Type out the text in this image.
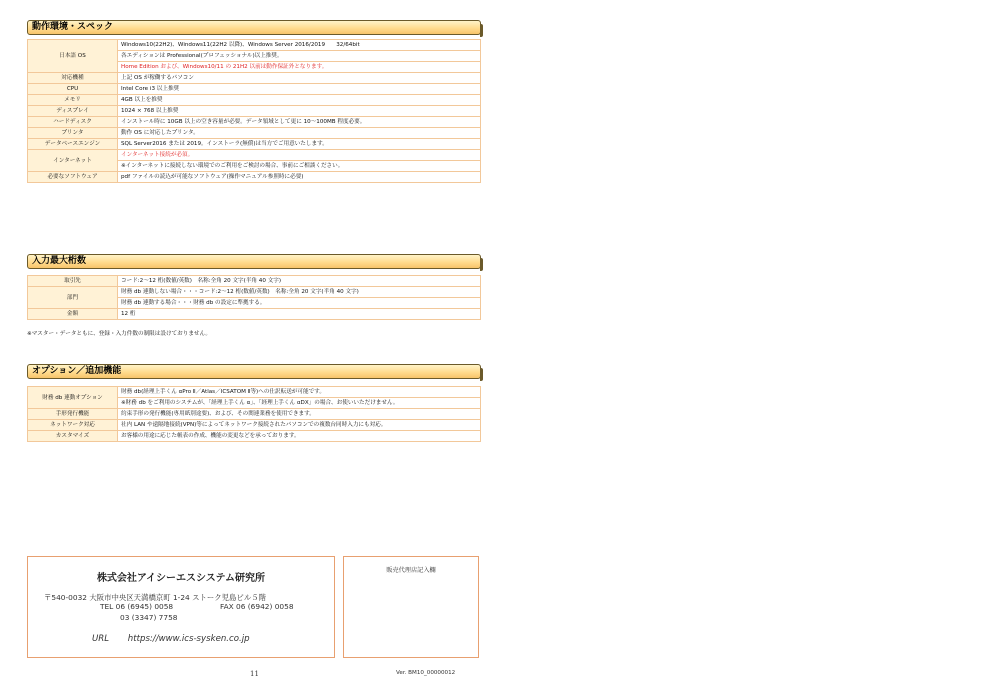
動作環境・スペック
日本語 OS	Windows10(22H2)、Windows11(22H2 以降)、Windows Server 2016/2019　　32/64bit
	各エディションは Professional(プロフェッショナル)以上推奨。
	Home Edition および、Windows10/11 の 21H2 以前は動作保証外となります。
対応機種	上記 OS が稼働するパソコン
CPU	Intel Core i3 以上推奨
メモリ	4GB 以上を推奨
ディスプレイ	1024 × 768 以上推奨
ハードディスク	インストール時に 10GB 以上の空き容量が必要。データ領域として更に 10～100MB 程度必要。
プリンタ	動作 OS に対応したプリンタ。
データベースエンジン	SQL Server2016 または 2019。インストーラ(無償)は当方でご用意いたします。
インターネット	インターネット接続が必須。
	※インターネットに接続しない環境でのご利用をご検討の場合、事前にご相談ください。
必要なソフトウェア	pdf ファイルの読込が可能なソフトウェア(操作マニュアル参照時に必要)
入力最大桁数
取引先	コード:2～12 桁(数値/英数)　名称:全角 20 文字(半角 40 文字)
部門	財務 db 連動しない場合・・・コード:2～12 桁(数値/英数)　名称:全角 20 文字(半角 40 文字)
	財務 db 連動する場合・・・財務 db の設定に準拠する。
金額	12 桁
※マスター・データともに、登録・入力件数の制限は設けておりません。
オプション／追加機能
財務 db 連動オプション	財務 db(経理上手くん αPro Ⅱ／Atlas／ICSATOM Ⅱ等)への仕訳転送が可能です。
	※財務 db をご利用のシステムが、「経理上手くん α」、「経理上手くん αDX」の場合、お使いいただけません。
手形発行機能	約束手形の発行機能(専用紙別途要)、および、その関連業務を使用できます。
ネットワーク対応	社内 LAN や遠隔地接続(VPN)等によってネットワーク接続されたパソコンでの複数台同時入力にも対応。
カスタマイズ	お客様の用途に応じた帳表の作成、機能の変更などを承っております。
株式会社アイシーエスシステム研究所
〒540-0032 大阪市中央区天満橋京町 1-24 ストーク児島ビル５階
TEL 06 (6945) 0058	FAX 06 (6942) 0058
03 (3347) 7758
URL https://www.ics-sysken.co.jp
販売代理店記入欄
11	Ver. BM10_00000012
